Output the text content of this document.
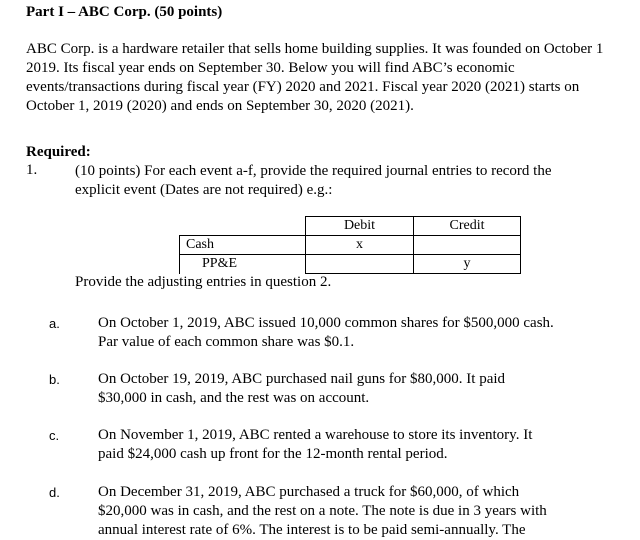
Part I – ABC Corp. (50 points)
ABC Corp. is a hardware retailer that sells home building supplies. It was founded on October 1
2019. Its fiscal year ends on September 30. Below you will find ABC’s economic
events/transactions during fiscal year (FY) 2020 and 2021. Fiscal year 2020 (2021) starts on
October 1, 2019 (2020) and ends on September 30, 2020 (2021).
Required:
1.	(10 points) For each event a-f, provide the required journal entries to record the
explicit event (Dates are not required) e.g.:
	Debit	Credit
Cash	x	
PP&E		y
Provide the adjusting entries in question 2.
a.	On October 1, 2019, ABC issued 10,000 common shares for $500,000 cash.
Par value of each common share was $0.1.
b.	On October 19, 2019, ABC purchased nail guns for $80,000. It paid
$30,000 in cash, and the rest was on account.
c.	On November 1, 2019, ABC rented a warehouse to store its inventory. It
paid $24,000 cash up front for the 12-month rental period.
d.	On December 31, 2019, ABC purchased a truck for $60,000, of which
$20,000 was in cash, and the rest on a note. The note is due in 3 years with
annual interest rate of 6%. The interest is to be paid semi-annually. The
